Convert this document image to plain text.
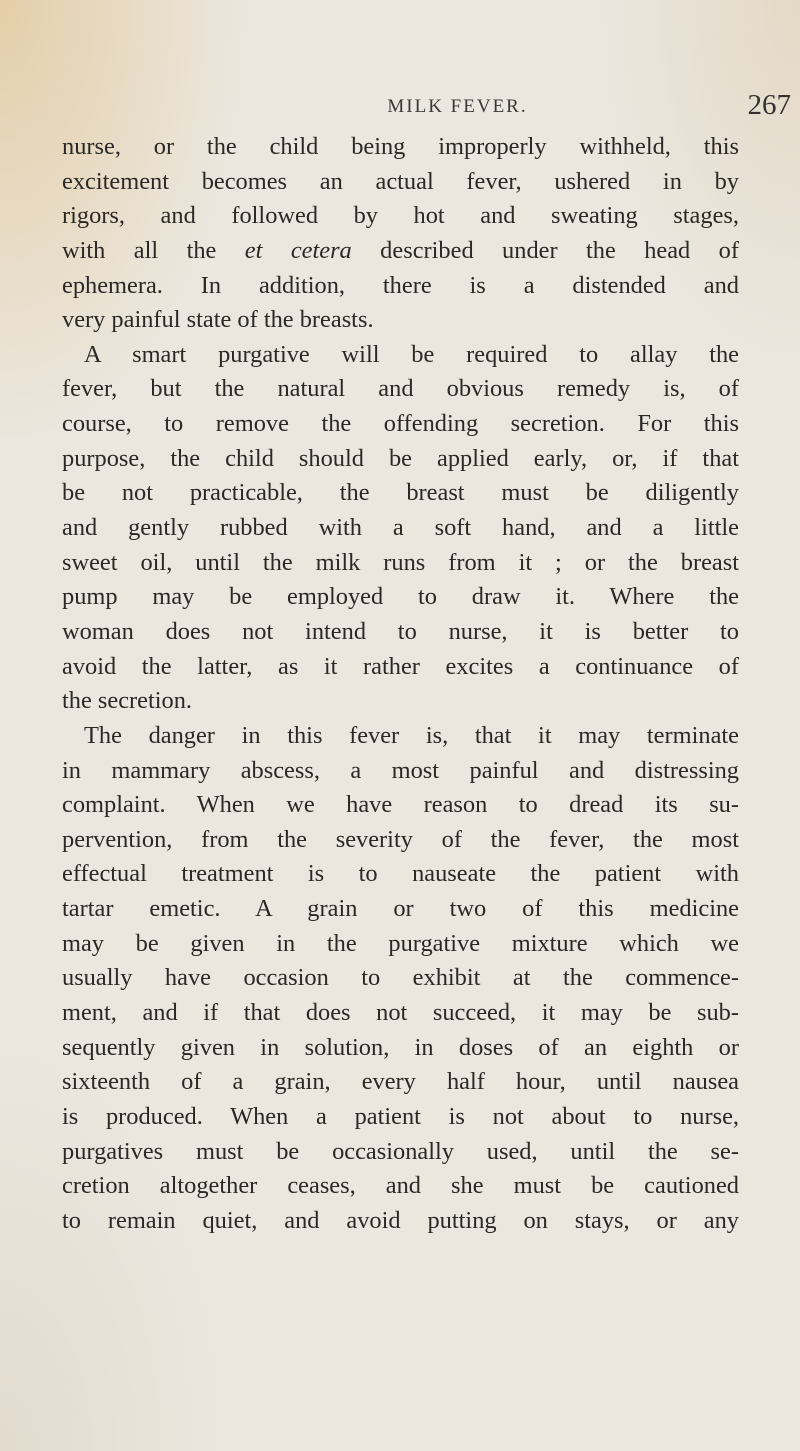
MILK FEVER.	267
nurse, or the child being improperly withheld, this
excitement becomes an actual fever, ushered in by
rigors, and followed by hot and sweating stages,
with all the et cetera described under the head of
ephemera. In addition, there is a distended and
very painful state of the breasts.
A smart purgative will be required to allay the
fever, but the natural and obvious remedy is, of
course, to remove the offending secretion. For this
purpose, the child should be applied early, or, if that
be not practicable, the breast must be diligently
and gently rubbed with a soft hand, and a little
sweet oil, until the milk runs from it ; or the breast
pump may be employed to draw it. Where the
woman does not intend to nurse, it is better to
avoid the latter, as it rather excites a continuance of
the secretion.
The danger in this fever is, that it may terminate
in mammary abscess, a most painful and distressing
complaint. When we have reason to dread its su-
pervention, from the severity of the fever, the most
effectual treatment is to nauseate the patient with
tartar emetic. A grain or two of this medicine
may be given in the purgative mixture which we
usually have occasion to exhibit at the commence-
ment, and if that does not succeed, it may be sub-
sequently given in solution, in doses of an eighth or
sixteenth of a grain, every half hour, until nausea
is produced. When a patient is not about to nurse,
purgatives must be occasionally used, until the se-
cretion altogether ceases, and she must be cautioned
to remain quiet, and avoid putting on stays, or any
